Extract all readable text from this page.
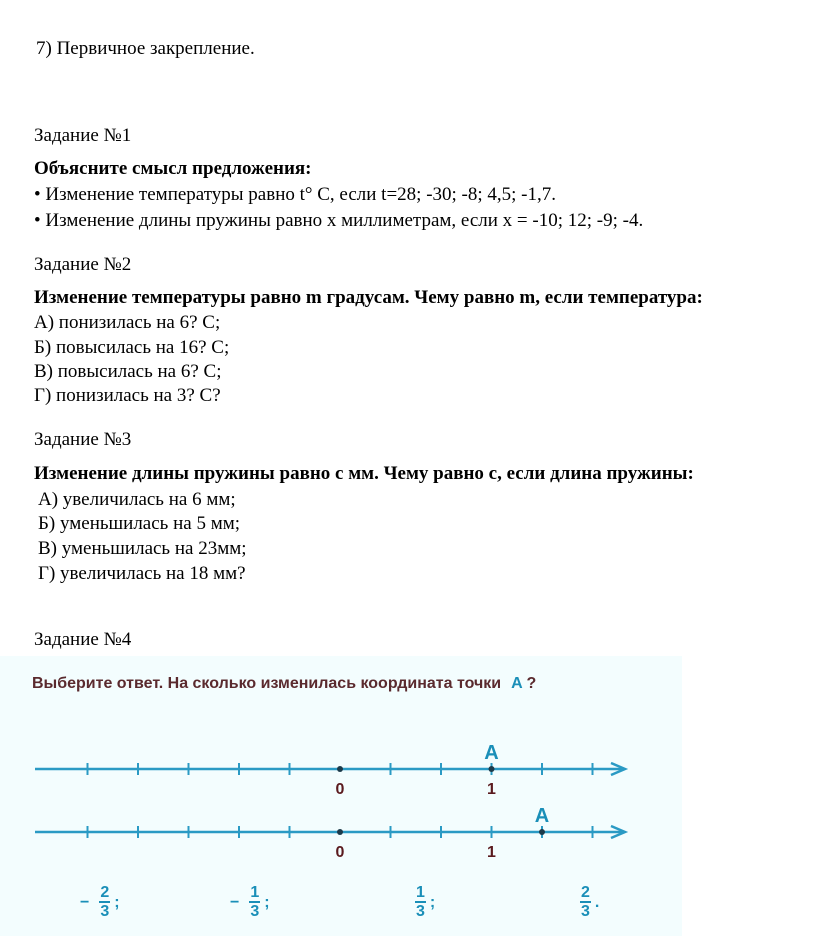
7) Первичное закрепление.
Задание №1
Объясните смысл предложения:
• Изменение температуры равно t° C, если t=28; -30; -8; 4,5; -1,7.
• Изменение длины пружины равно x миллиметрам, если x = -10; 12; -9; -4.
Задание №2
Изменение температуры равно m градусам. Чему равно m, если температура:
А) понизилась на 6? С;
Б) повысилась на 16? С;
В) повысилась на 6? С;
Г) понизилась на 3? С?
Задание №3
Изменение длины пружины равно с мм. Чему равно с, если длина пружины:
А) увеличилась на 6 мм;
Б) уменьшилась на 5 мм;
В) уменьшилась на 23мм;
Г) увеличилась на 18 мм?
Задание №4
Выберите ответ. На сколько изменилась координата точки A ?
A
0	1
A
0	1
− $\frac{2}{3}$ ;	− $\frac{1}{3}$ ;	$\frac{1}{3}$ ;	$\frac{2}{3}$ .
